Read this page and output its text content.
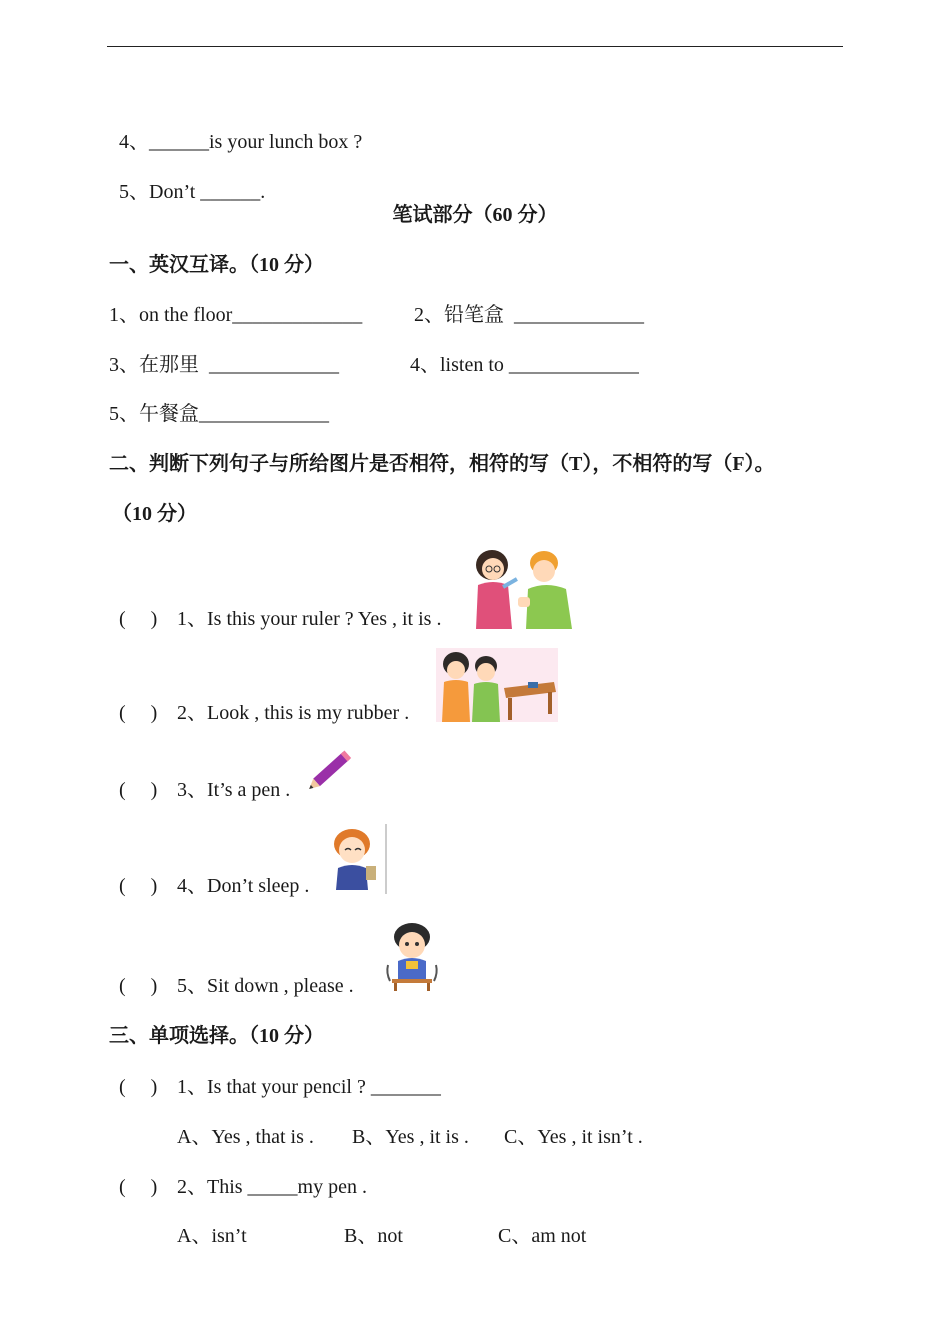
4、______is your lunch box ?

5、Don’t ______.

笔试部分（60 分）
一、英汉互译。（10 分）
1、on the floor_____________	2、铅笔盒  _____________
3、在那里  _____________	4、listen to _____________
5、午餐盒_____________
二、判断下列句子与所给图片是否相符，相符的写（T），不相符的写（F）。
（10 分）
(     ) 1、Is this your ruler ? Yes , it is .
(     ) 2、Look , this is my rubber .
(     ) 3、It’s a pen .
(     ) 4、Don’t sleep .
(     ) 5、Sit down , please .
三、单项选择。（10 分）
(     ) 1、Is that your pencil ? _______
A、Yes , that is . B、Yes , it is . C、Yes , it isn’t .
(     ) 2、This _____my pen .
A、isn’t	B、not	C、am not
